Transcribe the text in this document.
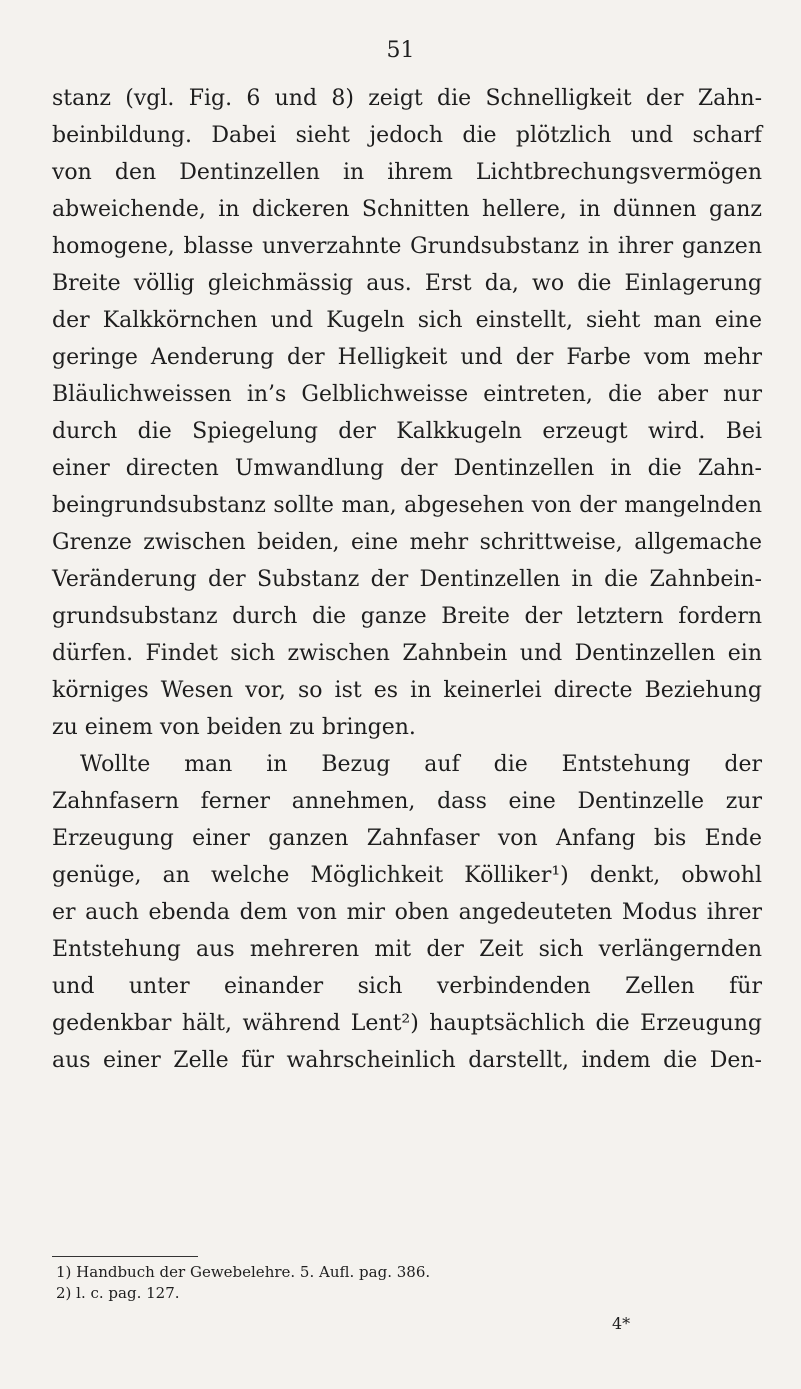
51
stanz (vgl. Fig. 6 und 8) zeigt die Schnelligkeit der Zahn-
beinbildung. Dabei sieht jedoch die plötzlich und scharf
von den Dentinzellen in ihrem Lichtbrechungsvermögen
abweichende, in dickeren Schnitten hellere, in dünnen ganz
homogene, blasse unverzahnte Grundsubstanz in ihrer ganzen
Breite völlig gleichmässig aus. Erst da, wo die Einlagerung
der Kalkkörnchen und Kugeln sich einstellt, sieht man eine
geringe Aenderung der Helligkeit und der Farbe vom mehr
Bläulichweissen in’s Gelblichweisse eintreten, die aber nur
durch die Spiegelung der Kalkkugeln erzeugt wird. Bei
einer directen Umwandlung der Dentinzellen in die Zahn-
beingrundsubstanz sollte man, abgesehen von der mangelnden
Grenze zwischen beiden, eine mehr schrittweise, allgemache
Veränderung der Substanz der Dentinzellen in die Zahnbein-
grundsubstanz durch die ganze Breite der letztern fordern
dürfen. Findet sich zwischen Zahnbein und Dentinzellen ein
körniges Wesen vor, so ist es in keinerlei directe Beziehung
zu einem von beiden zu bringen.
Wollte man in Bezug auf die Entstehung der
Zahnfasern ferner annehmen, dass eine Dentinzelle zur
Erzeugung einer ganzen Zahnfaser von Anfang bis Ende
genüge, an welche Möglichkeit Kölliker¹) denkt, obwohl
er auch ebenda dem von mir oben angedeuteten Modus ihrer
Entstehung aus mehreren mit der Zeit sich verlängernden
und unter einander sich verbindenden Zellen für
gedenkbar hält, während Lent²) hauptsächlich die Erzeugung
aus einer Zelle für wahrscheinlich darstellt, indem die Den-
1) Handbuch der Gewebelehre. 5. Aufl. pag. 386.
2) l. c. pag. 127.
4*
